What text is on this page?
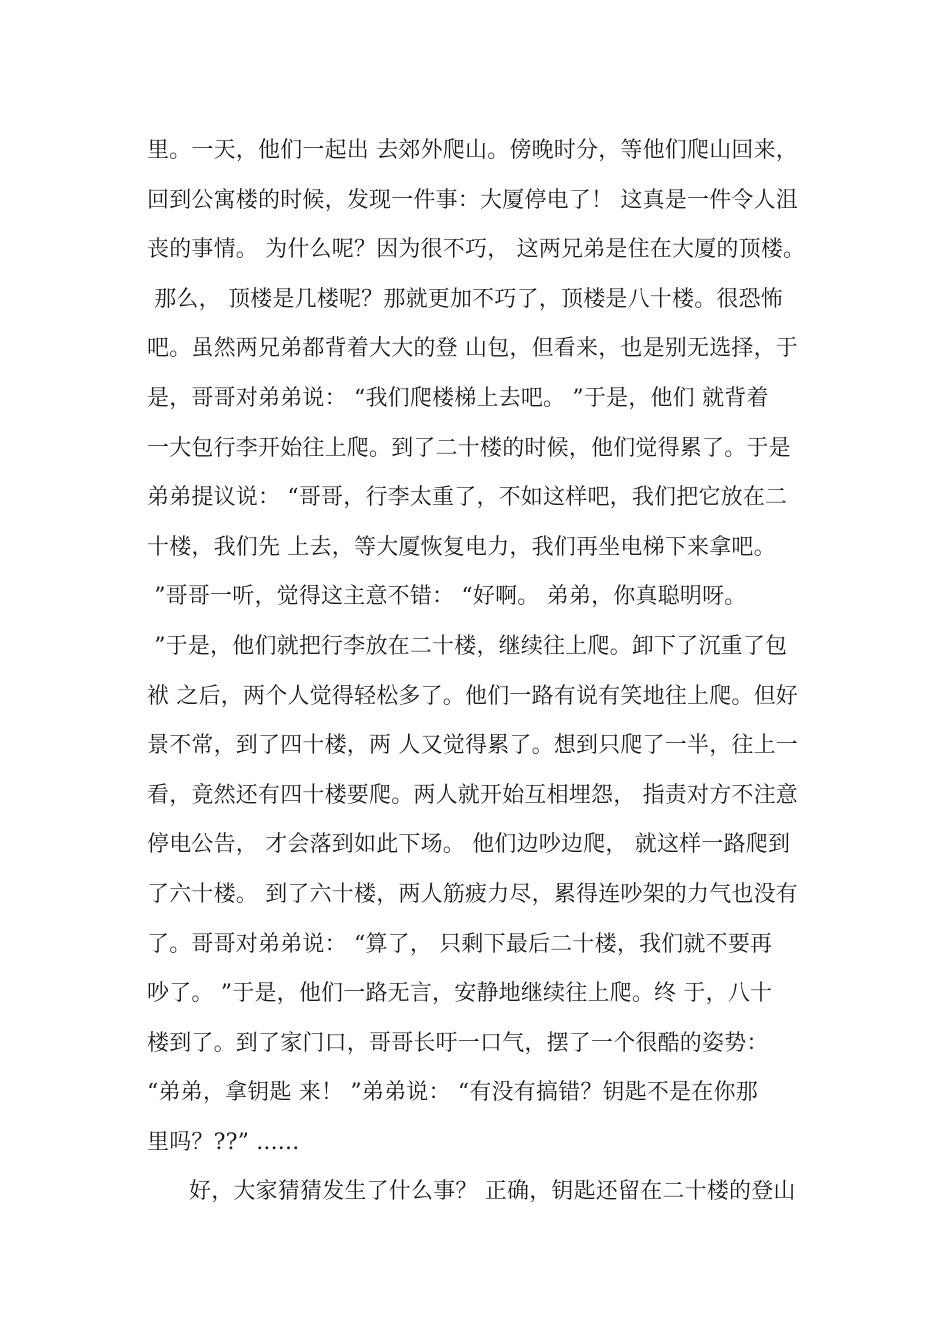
里。一天，他们一起出 去郊外爬山。傍晚时分，等他们爬山回来，
回到公寓楼的时候，发现一件事：大厦停电了！ 这真是一件令人沮
丧的事情。 为什么呢？因为很不巧， 这两兄弟是住在大厦的顶楼。
那么， 顶楼是几楼呢？那就更加不巧了，顶楼是八十楼。很恐怖
吧。虽然两兄弟都背着大大的登 山包，但看来，也是别无选择，于
是，哥哥对弟弟说： “我们爬楼梯上去吧。 ”于是，他们 就背着
一大包行李开始往上爬。到了二十楼的时候，他们觉得累了。于是
弟弟提议说： “哥哥，行李太重了，不如这样吧，我们把它放在二
十楼，我们先 上去，等大厦恢复电力，我们再坐电梯下来拿吧。
”哥哥一听，觉得这主意不错： “好啊。 弟弟，你真聪明呀。
”于是，他们就把行李放在二十楼，继续往上爬。卸下了沉重了包
袱 之后，两个人觉得轻松多了。他们一路有说有笑地往上爬。但好
景不常，到了四十楼，两 人又觉得累了。想到只爬了一半，往上一
看，竟然还有四十楼要爬。两人就开始互相埋怨， 指责对方不注意
停电公告， 才会落到如此下场。 他们边吵边爬， 就这样一路爬到
了六十楼。 到了六十楼，两人筋疲力尽，累得连吵架的力气也没有
了。哥哥对弟弟说： “算了， 只剩下最后二十楼，我们就不要再
吵了。 ”于是，他们一路无言，安静地继续往上爬。终 于，八十
楼到了。到了家门口，哥哥长吁一口气，摆了一个很酷的姿势：
“弟弟，拿钥匙 来！ ”弟弟说： “有没有搞错？钥匙不是在你那
里吗？??” ......
好，大家猜猜发生了什么事？ 正确，钥匙还留在二十楼的登山
